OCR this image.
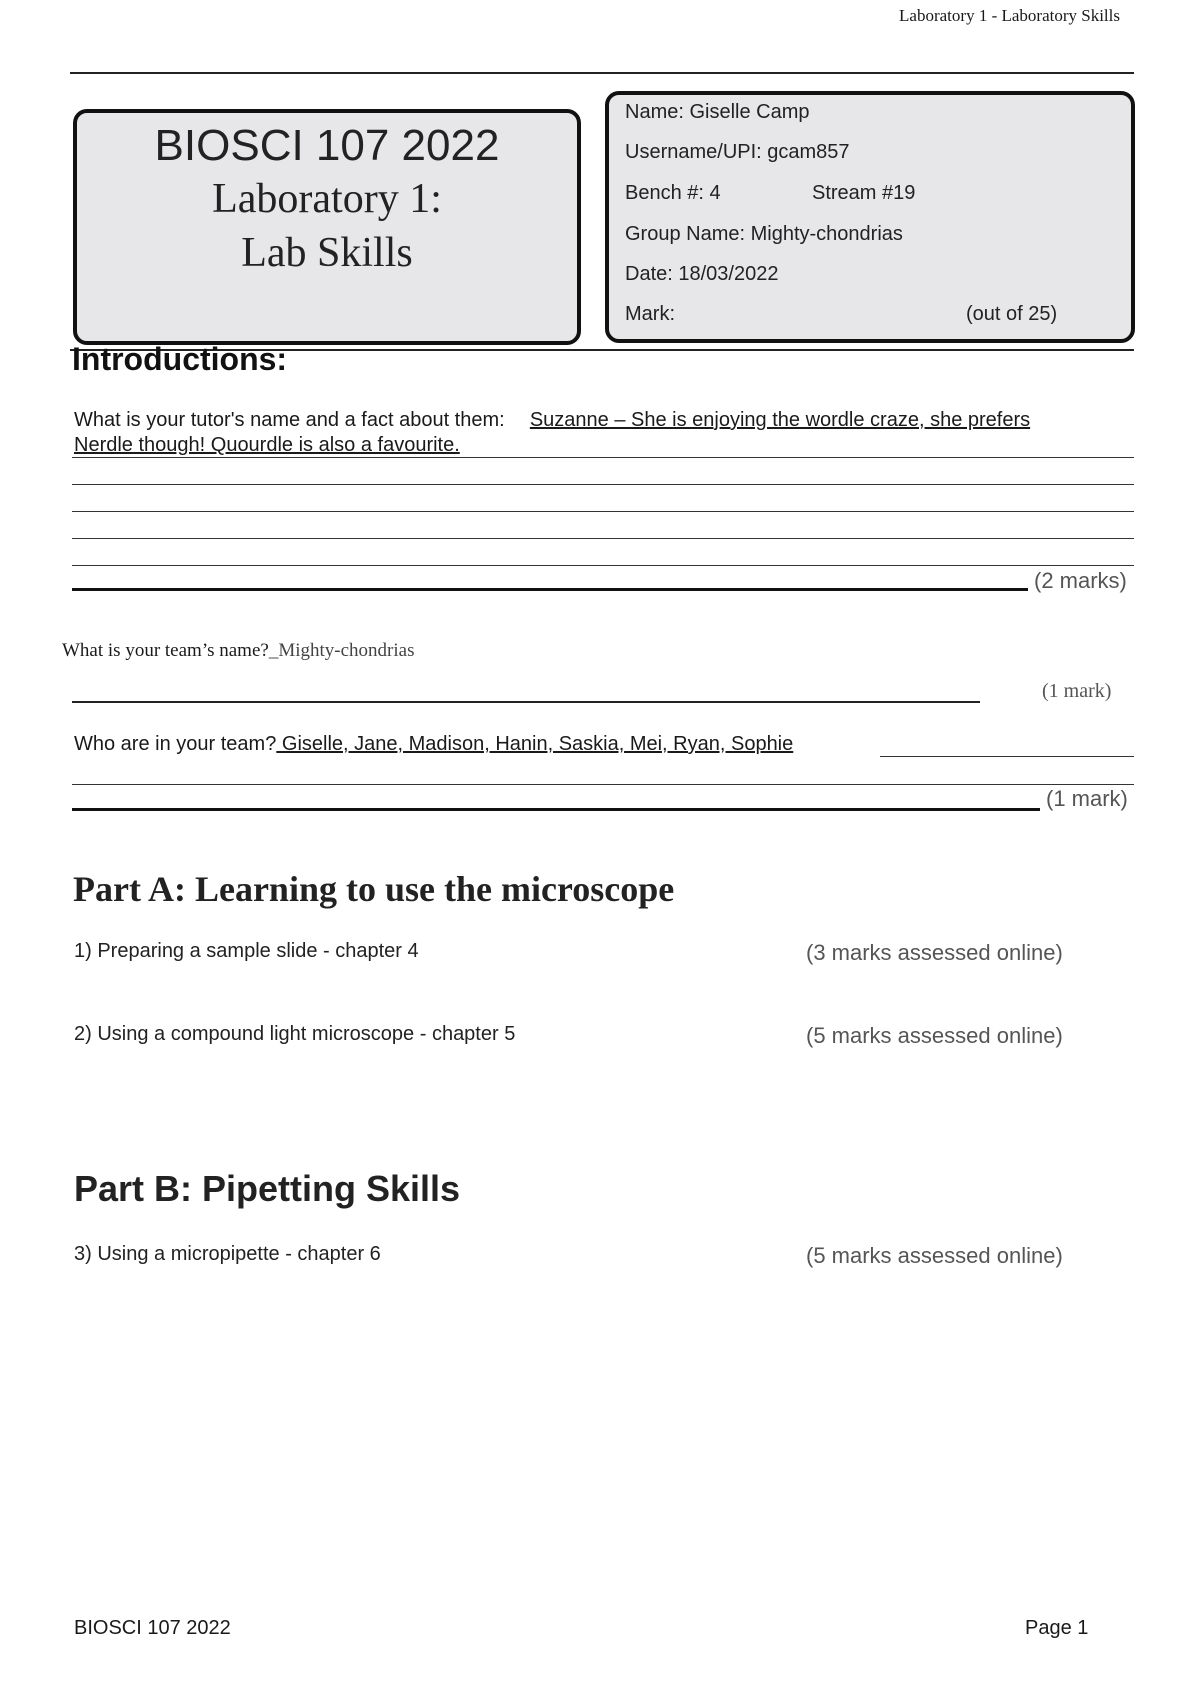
Laboratory 1 - Laboratory Skills
BIOSCI 107 2022
Laboratory 1:
Lab Skills
Name: Giselle Camp
Username/UPI: gcam857
Bench #: 4	Stream #19
Group Name: Mighty-chondrias
Date: 18/03/2022
Mark:	(out of 25)
Introductions:
What is your tutor's name and a fact about them:  Suzanne – She is enjoying the wordle craze, she prefers
Nerdle though! Quourdle is also a favourite.
(2 marks)
What is your team’s name?_Mighty-chondrias
(1 mark)
Who are in your team? Giselle, Jane, Madison, Hanin, Saskia, Mei, Ryan, Sophie
(1 mark)
Part A: Learning to use the microscope
1) Preparing a sample slide - chapter 4	(3 marks assessed online)
2) Using a compound light microscope - chapter 5	(5 marks assessed online)
Part B: Pipetting Skills
3) Using a micropipette - chapter 6	(5 marks assessed online)
BIOSCI 107 2022	Page 1
